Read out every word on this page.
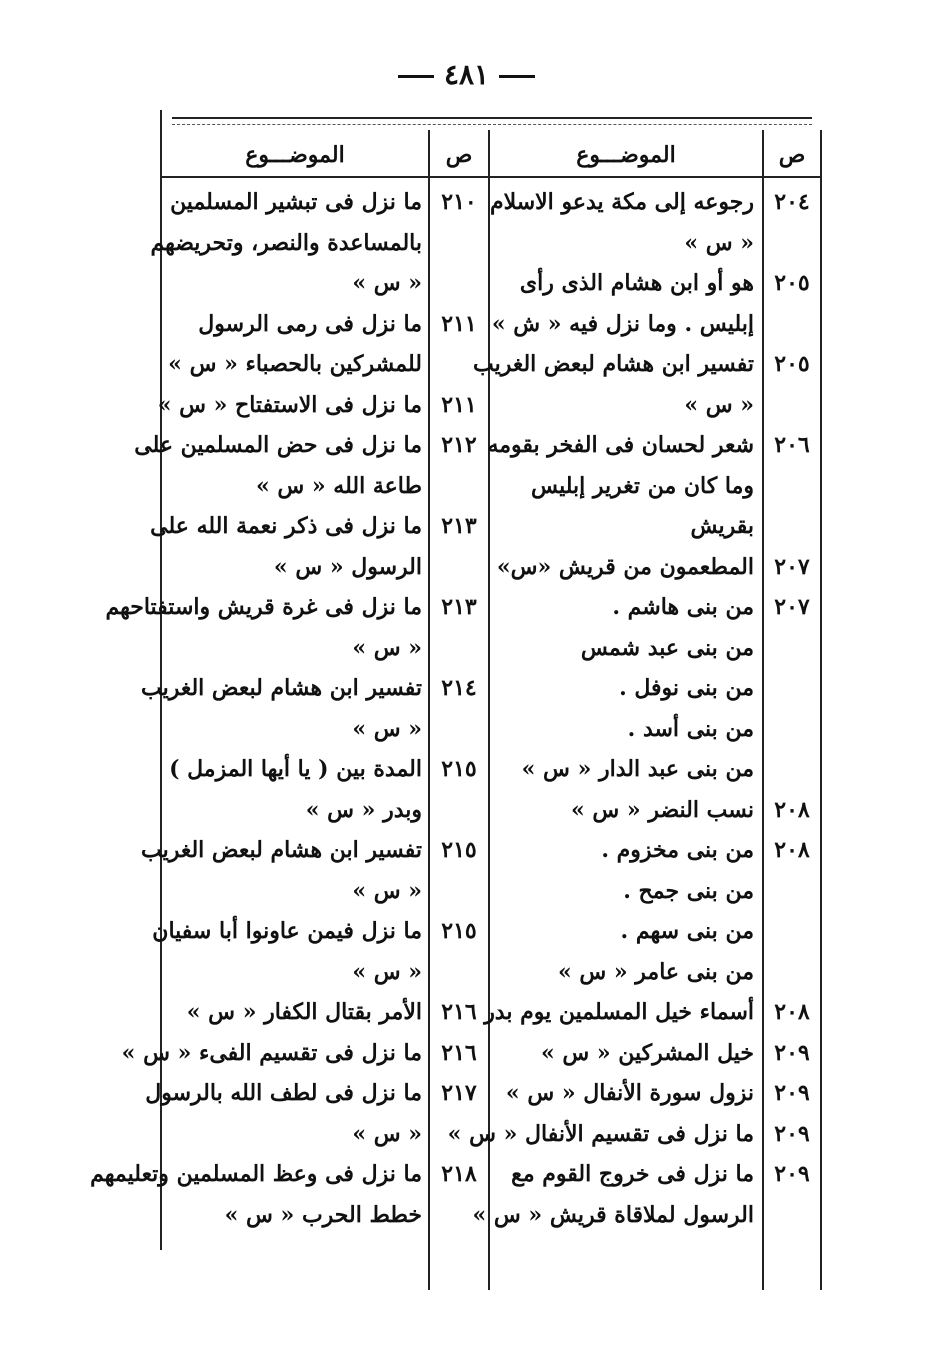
٤٨١
ص
الموضـــوع
ص
الموضـــوع
٢٠٤
رجوعه إلى مكة يدعو الاسلام
« س »
٢٠٥
هو أو ابن هشام الذى رأى
إبليس . وما نزل فيه « ش »
٢٠٥
تفسير ابن هشام لبعض الغريب
« س »
٢٠٦
شعر لحسان فى الفخر بقومه
وما كان من تغرير إبليس
بقريش
٢٠٧
المطعمون من قريش «س»
٢٠٧
من بنى هاشم .
من بنى عبد شمس
من بنى نوفل .
من بنى أسد .
من بنى عبد الدار « س »
٢٠٨
نسب النضر « س »
٢٠٨
من بنى مخزوم .
من بنى جمح .
من بنى سهم .
من بنى عامر « س »
٢٠٨
أسماء خيل المسلمين يوم بدر
٢٠٩
خيل المشركين « س »
٢٠٩
نزول سورة الأنفال « س »
٢٠٩
ما نزل فى تقسيم الأنفال « س »
٢٠٩
ما نزل فى خروج القوم مع
الرسول لملاقاة قريش « س »
٢١٠
ما نزل فى تبشير المسلمين
بالمساعدة والنصر، وتحريضهم
« س »
٢١١
ما نزل فى رمى الرسول
للمشركين بالحصباء « س »
٢١١
ما نزل فى الاستفتاح « س »
٢١٢
ما نزل فى حض المسلمين على
طاعة الله « س »
٢١٣
ما نزل فى ذكر نعمة الله على
الرسول « س »
٢١٣
ما نزل فى غرة قريش واستفتاحهم
« س »
٢١٤
تفسير ابن هشام لبعض الغريب
« س »
٢١٥
المدة بين ( يا أيها المزمل )
وبدر « س »
٢١٥
تفسير ابن هشام لبعض الغريب
« س »
٢١٥
ما نزل فيمن عاونوا أبا سفيان
« س »
٢١٦
الأمر بقتال الكفار « س »
٢١٦
ما نزل فى تقسيم الفىء « س »
٢١٧
ما نزل فى لطف الله بالرسول
« س »
٢١٨
ما نزل فى وعظ المسلمين وتعليمهم
خطط الحرب « س »
